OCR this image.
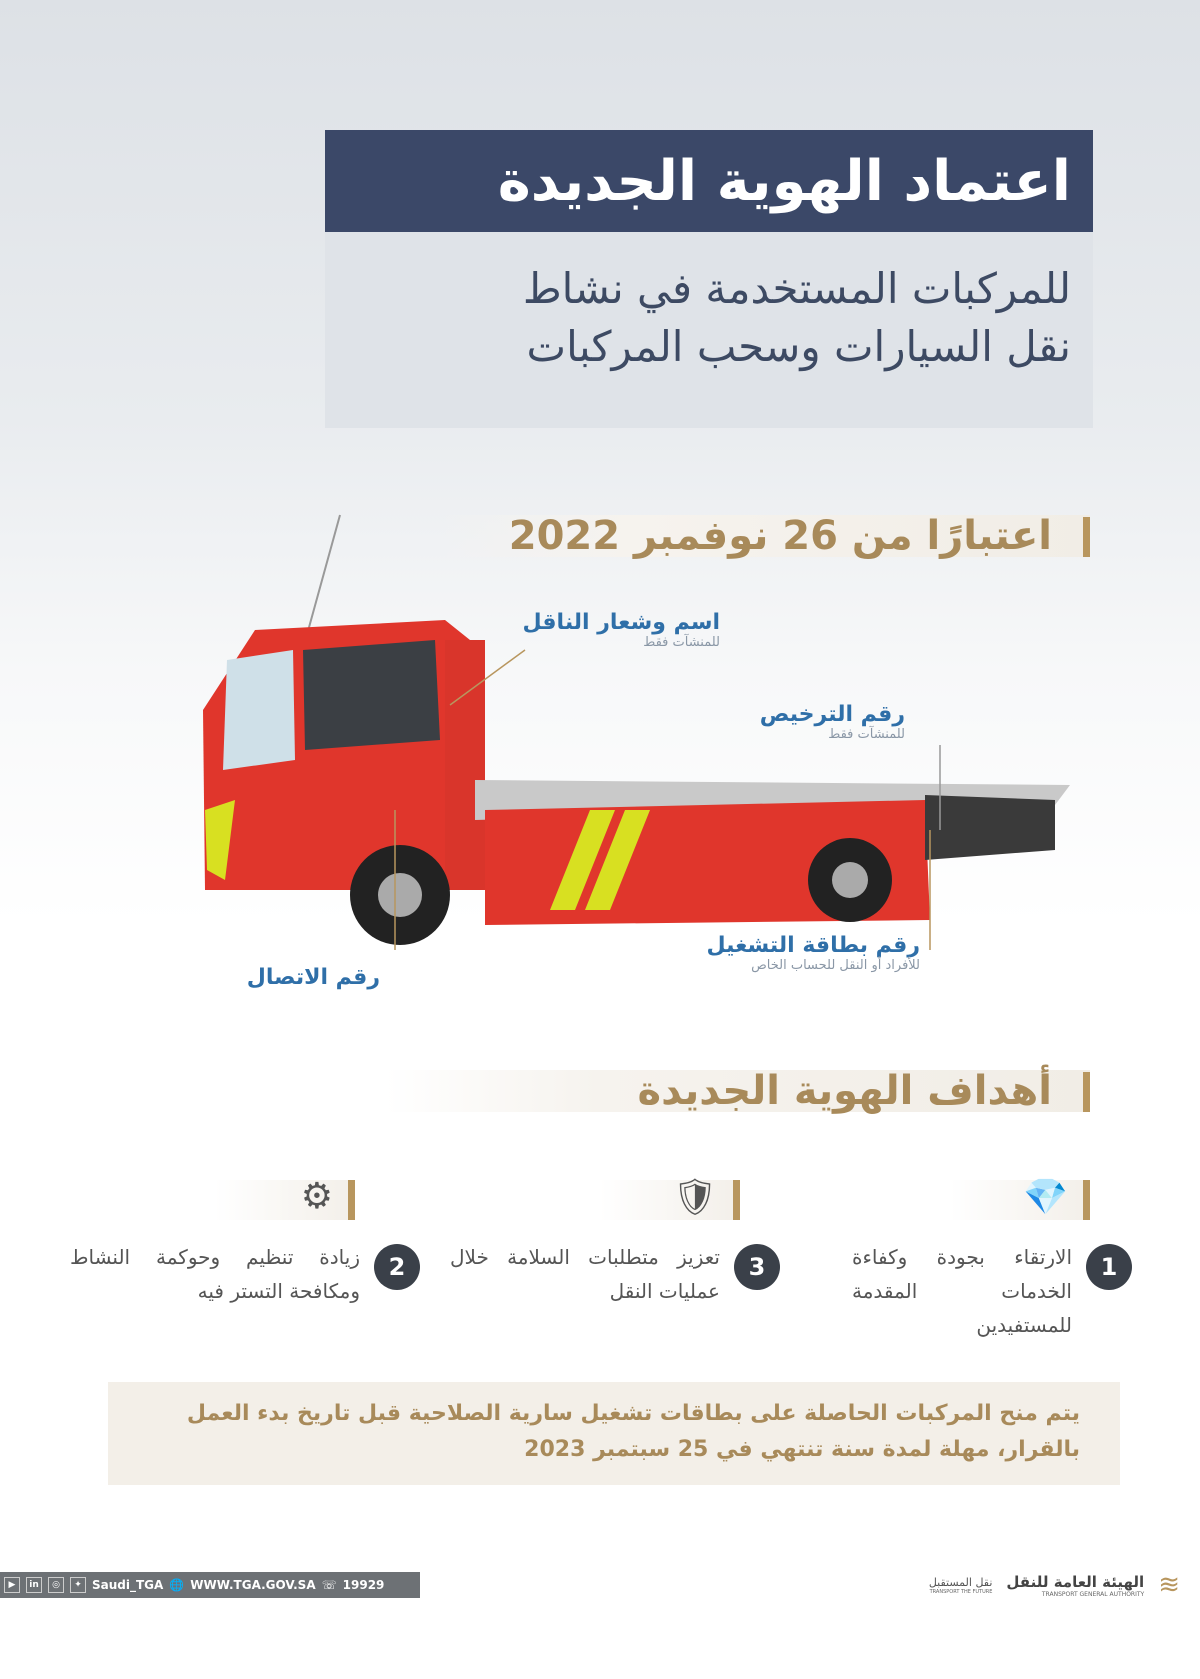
اعتماد الهوية الجديدة
للمركبات المستخدمة في نشاط
نقل السيارات وسحب المركبات
اعتبارًا من 26 نوفمبر 2022
اسم وشعار الناقل
للمنشآت فقط
رقم الترخيص
للمنشآت فقط
رقم بطاقة التشغيل
للأفراد أو النقل للحساب الخاص
رقم الاتصال
أهداف الهوية الجديدة
💎
🛡
⚙
1
الارتقاء بجودة وكفاءة الخدمات المقدمة للمستفيدين
3
تعزيز متطلبات السلامة خلال عمليات النقل
2
زيادة تنظيم وحوكمة النشاط ومكافحة التستر فيه
يتم منح المركبات الحاصلة على بطاقات تشغيل سارية الصلاحية قبل تاريخ بدء العمل بالقرار، مهلة لمدة سنة تنتهي في 25 سبتمبر 2023
▶	in	◎	✦ Saudi_TGA 🌐 WWW.TGA.GOV.SA ☏ 19929	≋
الهيئة العامة للنقل
TRANSPORT GENERAL AUTHORITY
نقل المستقبل
TRANSPORT THE FUTURE
